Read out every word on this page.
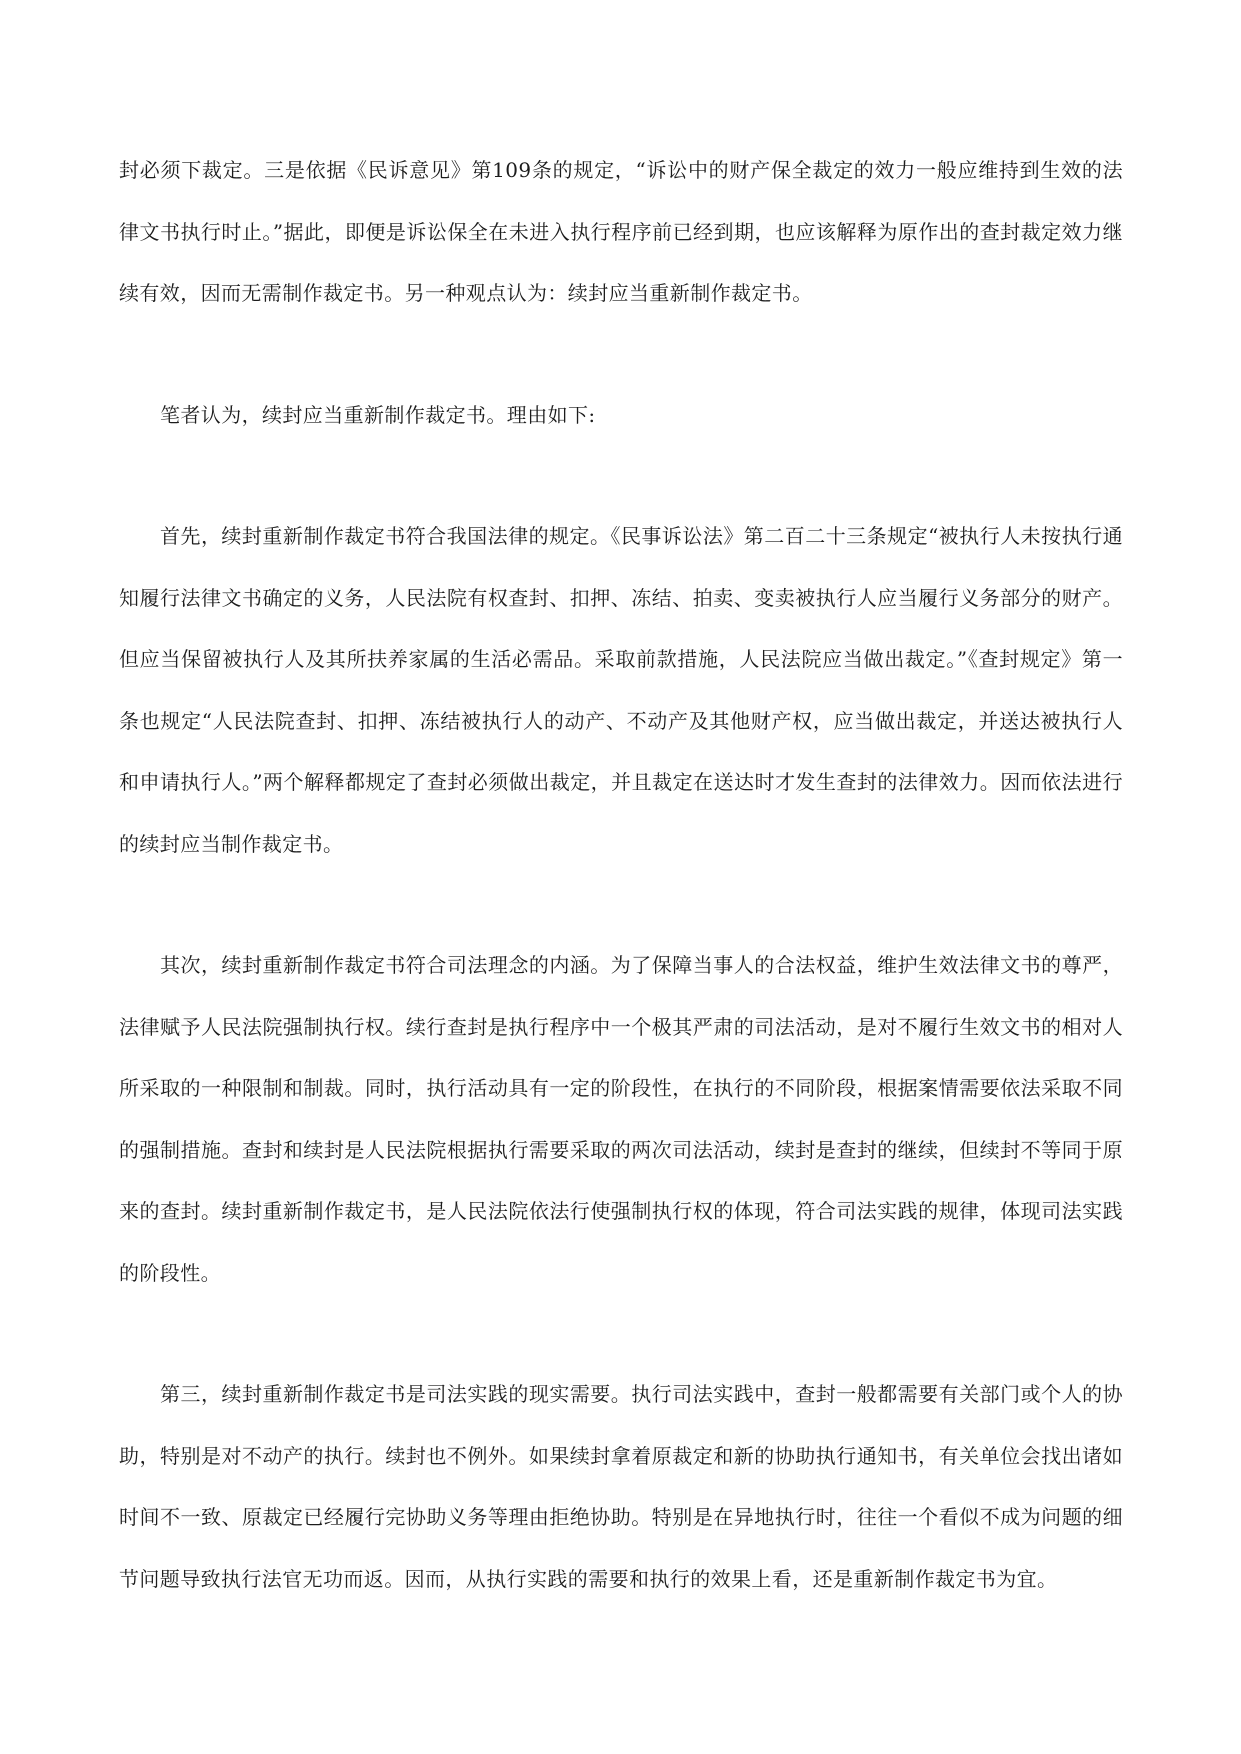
封必须下裁定。三是依据《民诉意见》第109条的规定，“诉讼中的财产保全裁定的效力一般应维持到生效的法律文书执行时止。”据此，即便是诉讼保全在未进入执行程序前已经到期，也应该解释为原作出的查封裁定效力继续有效，因而无需制作裁定书。另一种观点认为：续封应当重新制作裁定书。

笔者认为，续封应当重新制作裁定书。理由如下:

首先，续封重新制作裁定书符合我国法律的规定。《民事诉讼法》第二百二十三条规定“被执行人未按执行通知履行法律文书确定的义务，人民法院有权查封、扣押、冻结、拍卖、变卖被执行人应当履行义务部分的财产。但应当保留被执行人及其所扶养家属的生活必需品。采取前款措施，人民法院应当做出裁定。”《查封规定》第一条也规定“人民法院查封、扣押、冻结被执行人的动产、不动产及其他财产权，应当做出裁定，并送达被执行人和申请执行人。”两个解释都规定了查封必须做出裁定，并且裁定在送达时才发生查封的法律效力。因而依法进行的续封应当制作裁定书。

其次，续封重新制作裁定书符合司法理念的内涵。为了保障当事人的合法权益，维护生效法律文书的尊严，法律赋予人民法院强制执行权。续行查封是执行程序中一个极其严肃的司法活动，是对不履行生效文书的相对人所采取的一种限制和制裁。同时，执行活动具有一定的阶段性，在执行的不同阶段，根据案情需要依法采取不同的强制措施。查封和续封是人民法院根据执行需要采取的两次司法活动，续封是查封的继续，但续封不等同于原来的查封。续封重新制作裁定书，是人民法院依法行使强制执行权的体现，符合司法实践的规律，体现司法实践的阶段性。

第三，续封重新制作裁定书是司法实践的现实需要。执行司法实践中，查封一般都需要有关部门或个人的协助，特别是对不动产的执行。续封也不例外。如果续封拿着原裁定和新的协助执行通知书，有关单位会找出诸如时间不一致、原裁定已经履行完协助义务等理由拒绝协助。特别是在异地执行时，往往一个看似不成为问题的细节问题导致执行法官无功而返。因而，从执行实践的需要和执行的效果上看，还是重新制作裁定书为宜。
